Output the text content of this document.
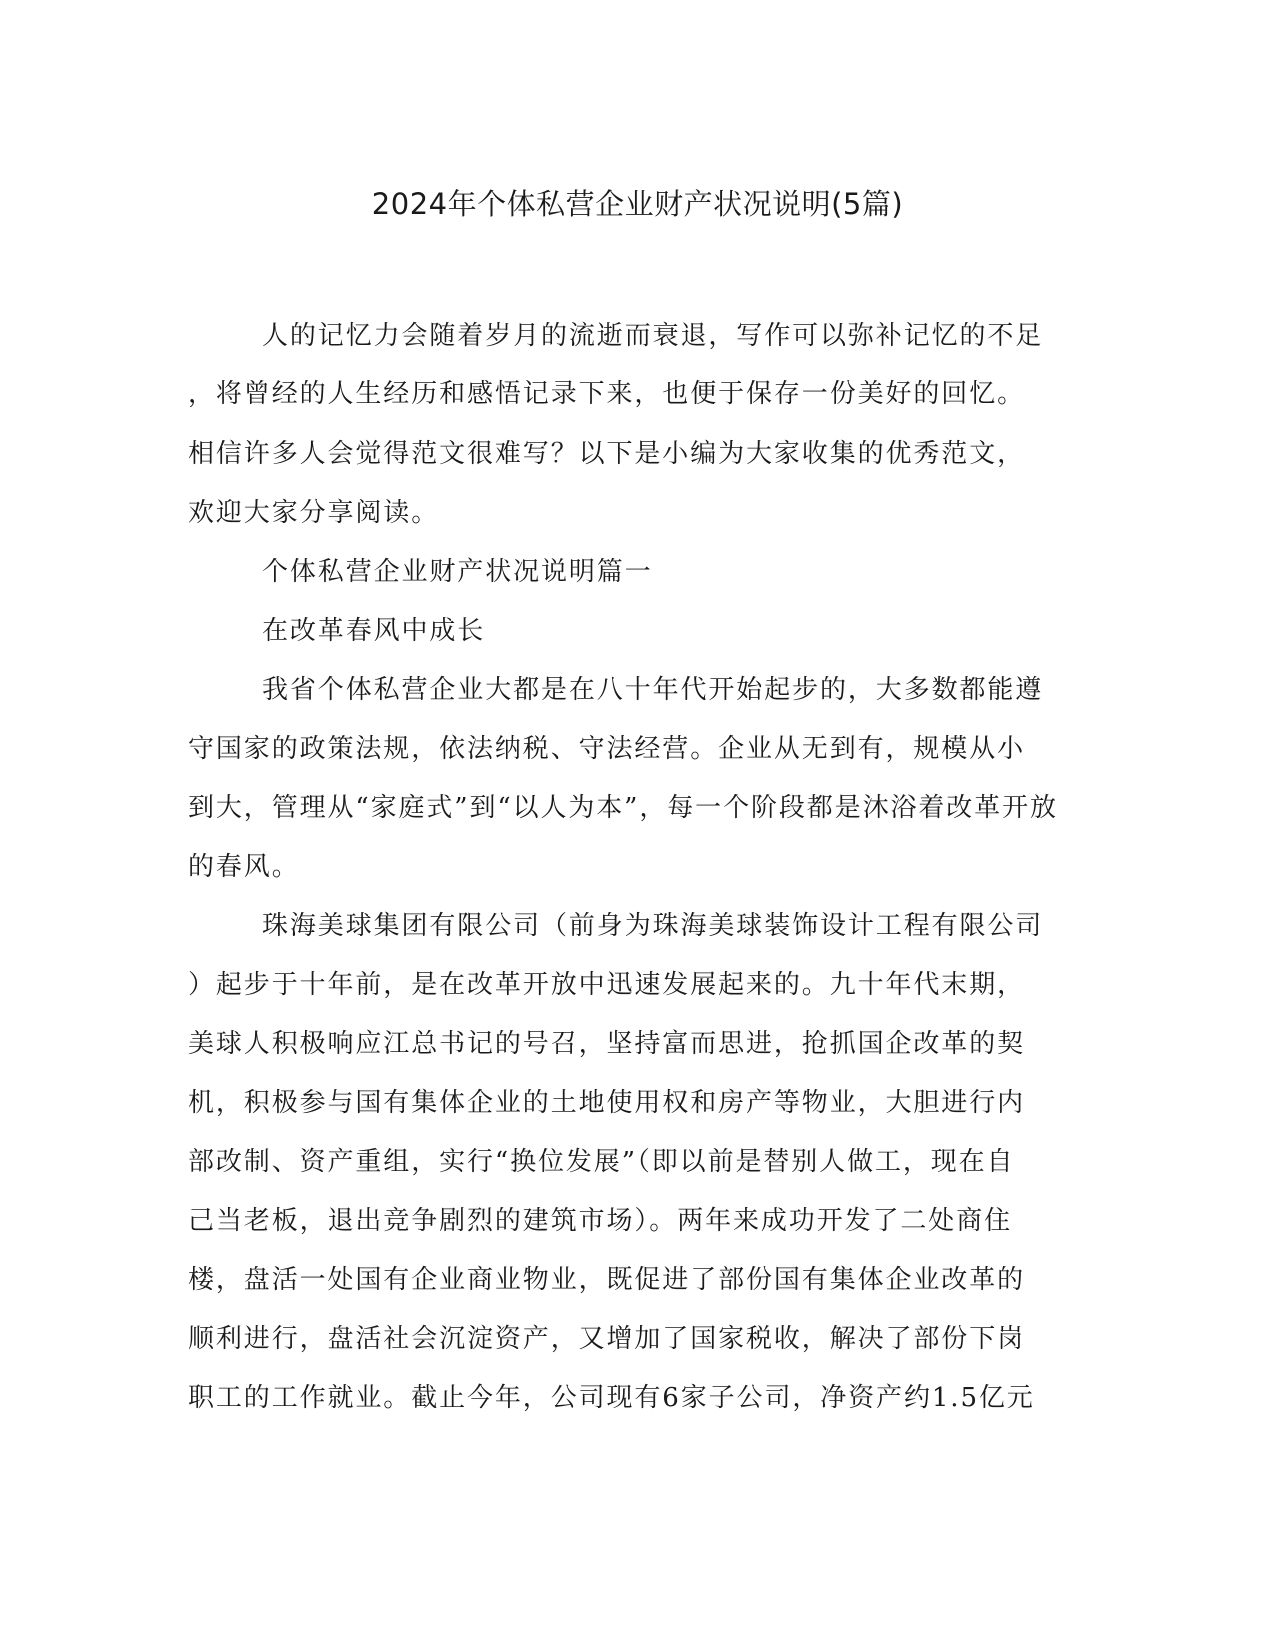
2024年个体私营企业财产状况说明(5篇)
人的记忆力会随着岁月的流逝而衰退，写作可以弥补记忆的不足
，将曾经的人生经历和感悟记录下来，也便于保存一份美好的回忆。
相信许多人会觉得范文很难写？以下是小编为大家收集的优秀范文，
欢迎大家分享阅读。
个体私营企业财产状况说明篇一
在改革春风中成长
我省个体私营企业大都是在八十年代开始起步的，大多数都能遵
守国家的政策法规，依法纳税、守法经营。企业从无到有，规模从小
到大，管理从“家庭式”到“以人为本”，每一个阶段都是沐浴着改革开放
的春风。
珠海美球集团有限公司（前身为珠海美球装饰设计工程有限公司
）起步于十年前，是在改革开放中迅速发展起来的。九十年代末期，
美球人积极响应江总书记的号召，坚持富而思进，抢抓国企改革的契
机，积极参与国有集体企业的土地使用权和房产等物业，大胆进行内
部改制、资产重组，实行“换位发展”（即以前是替别人做工，现在自
己当老板，退出竞争剧烈的建筑市场）。两年来成功开发了二处商住
楼，盘活一处国有企业商业物业，既促进了部份国有集体企业改革的
顺利进行，盘活社会沉淀资产，又增加了国家税收，解决了部份下岗
职工的工作就业。截止今年，公司现有6家子公司，净资产约1.5亿元
